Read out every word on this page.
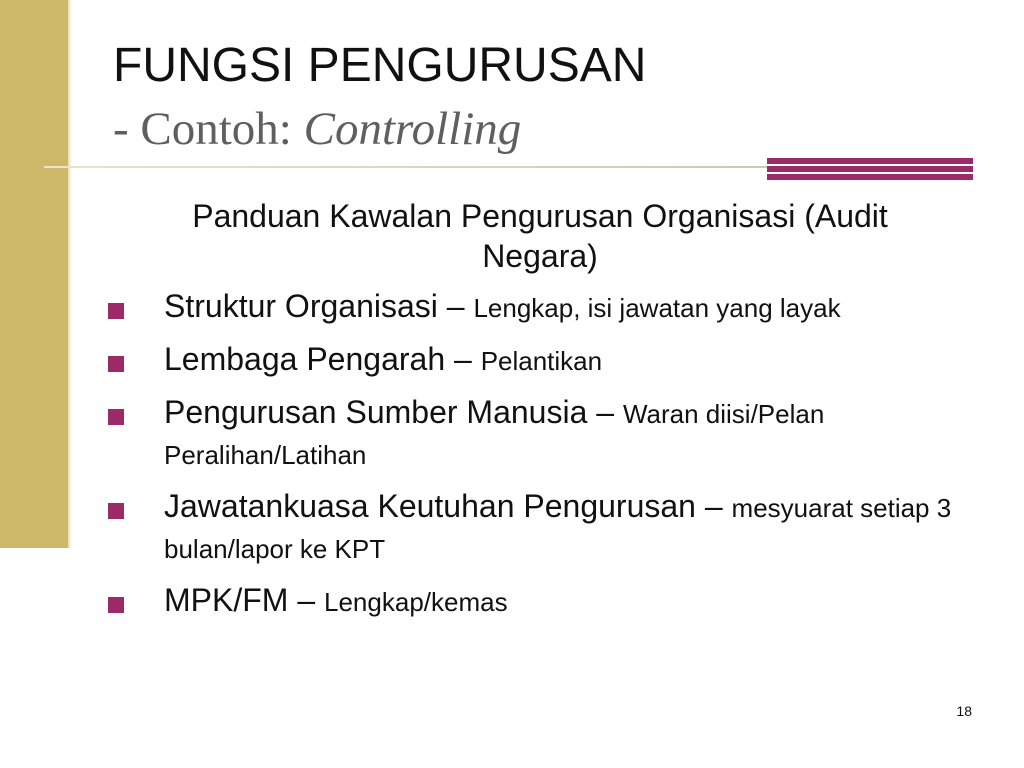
FUNGSI PENGURUSAN
- Contoh: Controlling
Panduan Kawalan Pengurusan Organisasi (Audit Negara)
Struktur Organisasi – Lengkap, isi jawatan yang layak
Lembaga Pengarah – Pelantikan
Pengurusan Sumber Manusia – Waran diisi/Pelan Peralihan/Latihan
Jawatankuasa Keutuhan Pengurusan – mesyuarat setiap 3 bulan/lapor ke KPT
MPK/FM – Lengkap/kemas
18
